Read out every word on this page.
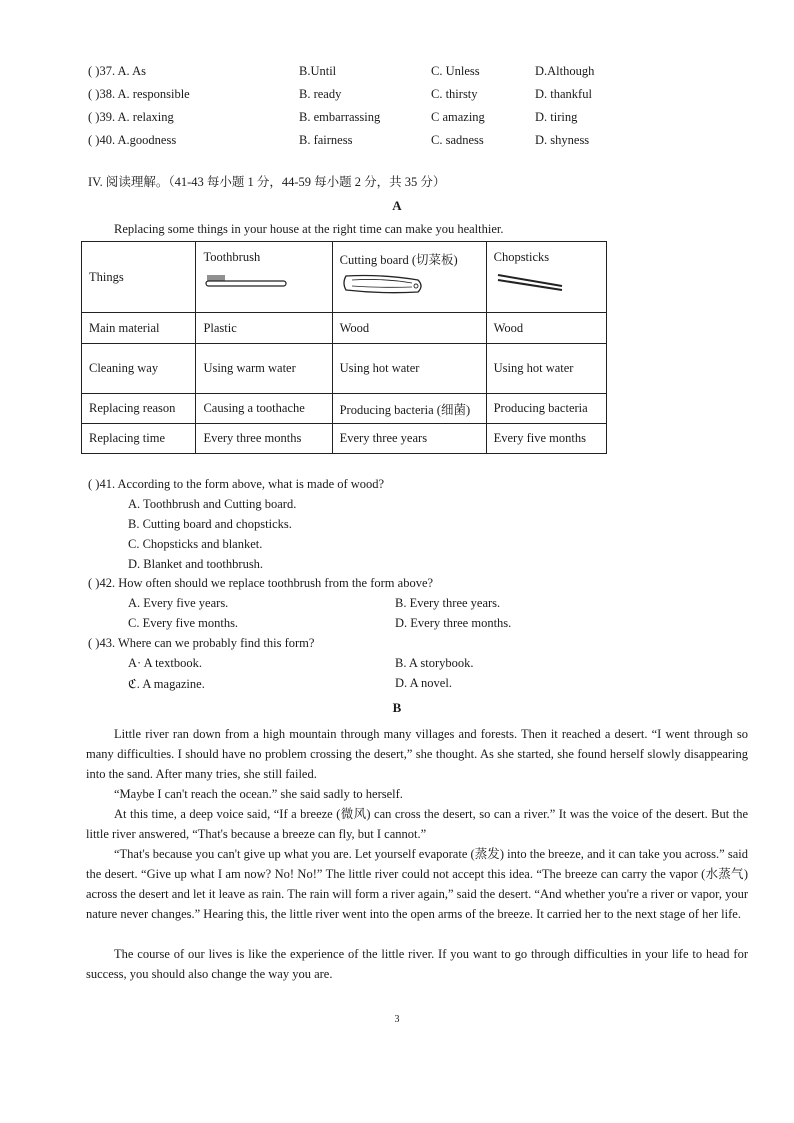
( )37. A. As	B.Until	C. Unless	D.Although
( )38. A. responsible	B. ready	C. thirsty	D. thankful
( )39. A. relaxing	B. embarrassing	C amazing	D. tiring
( )40. A.goodness	B. fairness	C. sadness	D. shyness
IV. 阅读理解。（41-43 每小题 1 分，44-59 每小题 2 分，共 35 分）
A
Replacing some things in your house at the right time can make you healthier.
Things	Toothbrush	Cutting board (切菜板)	Chopsticks

Main material	Plastic	Wood	Wood
Cleaning way	Using warm water	Using hot water	Using hot water
Replacing reason	Causing a toothache	Producing bacteria (细菌)	Producing bacteria
Replacing time	Every three months	Every three years	Every five months
( )41. According to the form above, what is made of wood?
A. Toothbrush and Cutting board.
B. Cutting board and chopsticks.
C. Chopsticks and blanket.
D. Blanket and toothbrush.
( )42. How often should we replace toothbrush from the form above?
A. Every five years.	B. Every three years.
C. Every five months.	D. Every three months.
( )43. Where can we probably find this form?
A· A textbook.	B. A storybook.
ℭ. A magazine.	D. A novel.
B
Little river ran down from a high mountain through many villages and forests. Then it reached a desert. “I went through so many difficulties. I should have no problem crossing the desert,” she thought. As she started, she found herself slowly disappearing into the sand. After many tries, she still failed.
“Maybe I can't reach the ocean.” she said sadly to herself.
At this time, a deep voice said, “If a breeze (微风) can cross the desert, so can a river.” It was the voice of the desert. But the little river answered, “That's because a breeze can fly, but I cannot.”
“That's because you can't give up what you are. Let yourself evaporate (蒸发) into the breeze, and it can take you across.” said the desert. “Give up what I am now? No! No!” The little river could not accept this idea. “The breeze can carry the vapor (水蒸气) across the desert and let it leave as rain. The rain will form a river again,” said the desert. “And whether you're a river or vapor, your nature never changes.” Hearing this, the little river went into the open arms of the breeze. It carried her to the next stage of her life.
The course of our lives is like the experience of the little river. If you want to go through difficulties in your life to head for success, you should also change the way you are.
3
